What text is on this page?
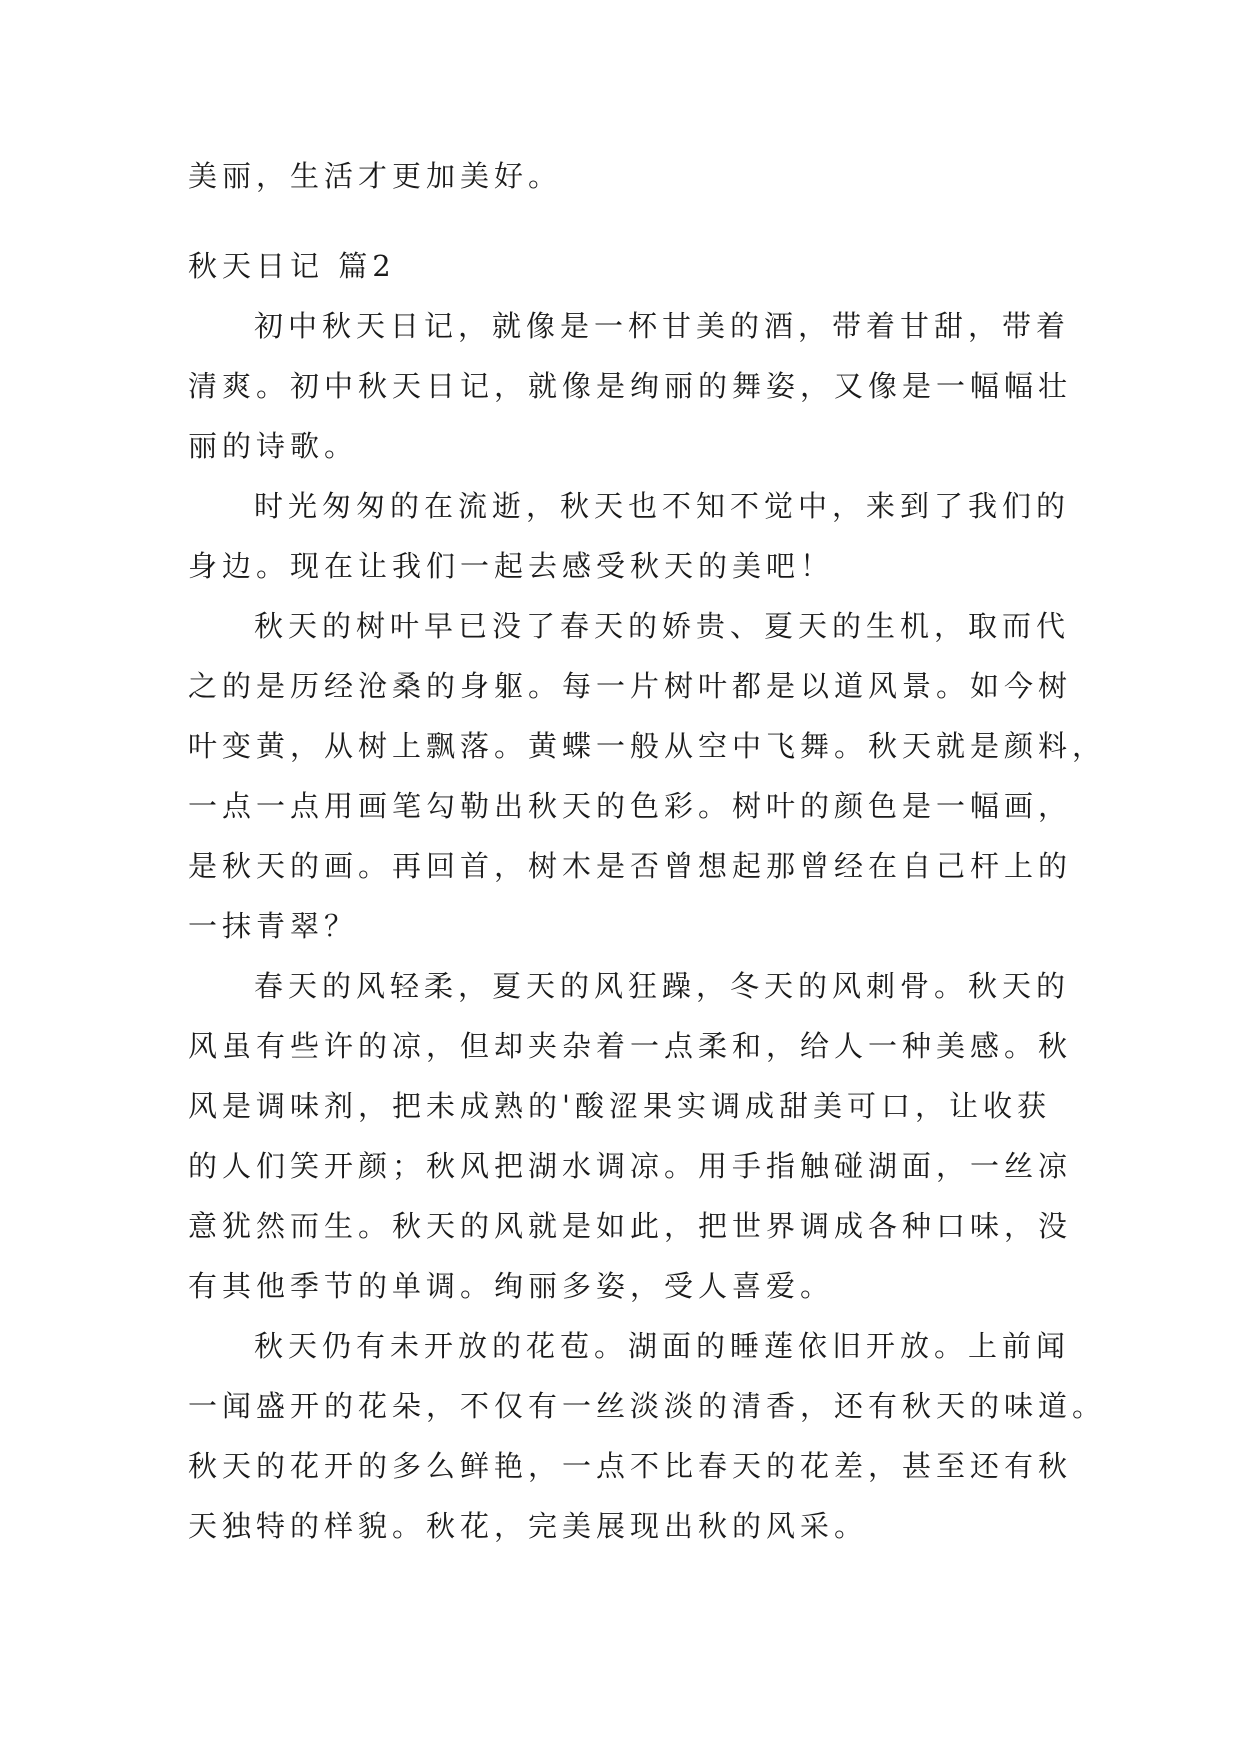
美丽，生活才更加美好。
秋天日记 篇2
初中秋天日记，就像是一杯甘美的酒，带着甘甜，带着
清爽。初中秋天日记，就像是绚丽的舞姿，又像是一幅幅壮
丽的诗歌。
时光匆匆的在流逝，秋天也不知不觉中，来到了我们的
身边。现在让我们一起去感受秋天的美吧！
秋天的树叶早已没了春天的娇贵、夏天的生机，取而代
之的是历经沧桑的身躯。每一片树叶都是以道风景。如今树
叶变黄，从树上飘落。黄蝶一般从空中飞舞。秋天就是颜料，
一点一点用画笔勾勒出秋天的色彩。树叶的颜色是一幅画，
是秋天的画。再回首，树木是否曾想起那曾经在自己杆上的
一抹青翠？
春天的风轻柔，夏天的风狂躁，冬天的风刺骨。秋天的
风虽有些许的凉，但却夹杂着一点柔和，给人一种美感。秋
风是调味剂，把未成熟的'酸涩果实调成甜美可口，让收获
的人们笑开颜；秋风把湖水调凉。用手指触碰湖面，一丝凉
意犹然而生。秋天的风就是如此，把世界调成各种口味，没
有其他季节的单调。绚丽多姿，受人喜爱。
秋天仍有未开放的花苞。湖面的睡莲依旧开放。上前闻
一闻盛开的花朵，不仅有一丝淡淡的清香，还有秋天的味道。
秋天的花开的多么鲜艳，一点不比春天的花差，甚至还有秋
天独特的样貌。秋花，完美展现出秋的风采。
